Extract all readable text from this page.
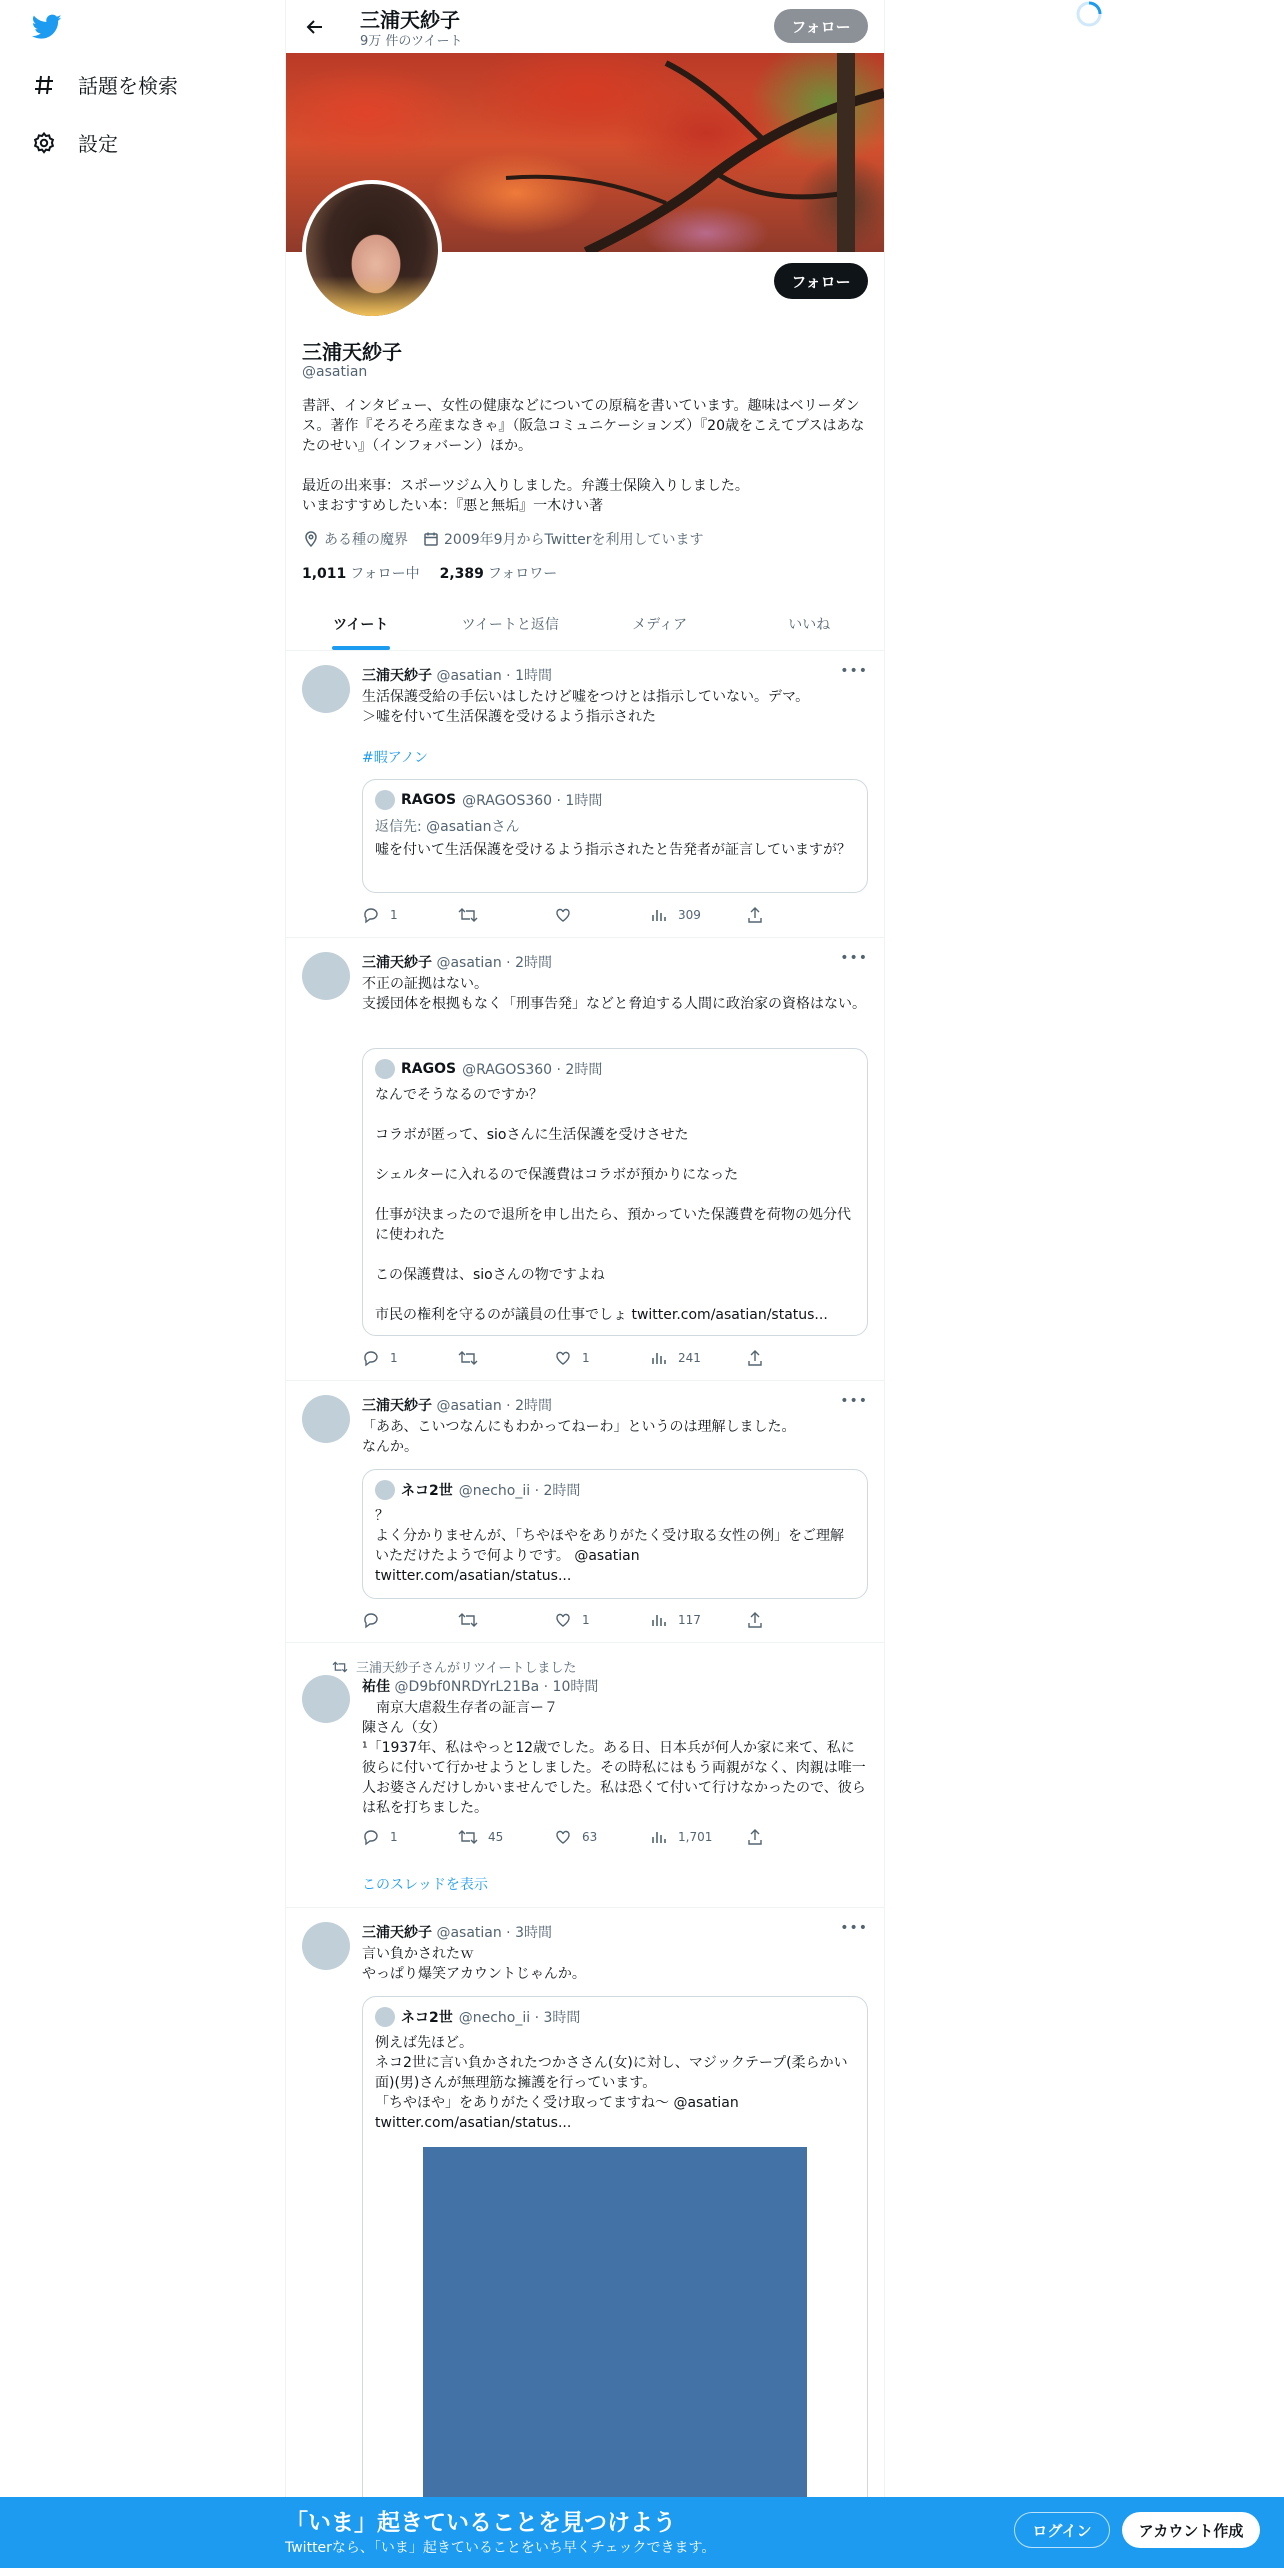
話題を検索
設定
三浦天紗子
9万 件のツイート
フォロー
フォロー
三浦天紗子
@asatian

書評、インタビュー、女性の健康などについての原稿を書いています。趣味はベリーダンス。著作『そろそろ産まなきゃ』（阪急コミュニケーションズ）『20歳をこえてブスはあなたのせい』（インフォバーン）ほか。

最近の出来事：スポーツジム入りしました。弁護士保険入りしました。
いまおすすめしたい本：『悪と無垢』一木けい著

ある種の魔界	2009年9月からTwitterを利用しています
1,011 フォロー中 2,389 フォロワー
ツイート	ツイートと返信	メディア	いいね
三浦天紗子 @asatian · 1時間	•••
生活保護受給の手伝いはしたけど嘘をつけとは指示していない。デマ。
＞嘘を付いて生活保護を受けるよう指示された
#暇アノン
RAGOS @RAGOS360 · 1時間
返信先: @asatianさん
嘘を付いて生活保護を受けるよう指示されたと告発者が証言していますが？
1	309
三浦天紗子 @asatian · 2時間	•••
不正の証拠はない。
支援団体を根拠もなく「刑事告発」などと脅迫する人間に政治家の資格はない。
RAGOS @RAGOS360 · 2時間
なんでそうなるのですか？

コラボが匿って、sioさんに生活保護を受けさせた

シェルターに入れるので保護費はコラボが預かりになった

仕事が決まったので退所を申し出たら、預かっていた保護費を荷物の処分代に使われた

この保護費は、sioさんの物ですよね

市民の権利を守るのが議員の仕事でしょ twitter.com/asatian/status...
1	1	241
三浦天紗子 @asatian · 2時間	•••
「ああ、こいつなんにもわかってねーわ」というのは理解しました。
なんか。
ネコ2世 @necho_ii · 2時間
？
よく分かりませんが、「ちやほやをありがたく受け取る女性の例」をご理解いただけたようで何よりです。 @asatian
twitter.com/asatian/status...
1	117
三浦天紗子さんがリツイートしました
祐佳 @D9bf0NRDYrL21Ba · 10時間
　南京大虐殺生存者の証言ー７
陳さん（女）
¹「1937年、私はやっと12歳でした。ある日、日本兵が何人か家に来て、私に彼らに付いて行かせようとしました。その時私にはもう両親がなく、肉親は唯一人お婆さんだけしかいませんでした。私は恐くて付いて行けなかったので、彼らは私を打ちました。
1	45	63	1,701
このスレッドを表示
三浦天紗子 @asatian · 3時間	•••
言い負かされたｗ
やっぱり爆笑アカウントじゃんか。
ネコ2世 @necho_ii · 3時間
例えば先ほど。
ネコ2世に言い負かされたつかささん(女)に対し、マジックテープ(柔らかい面)(男)さんが無理筋な擁護を行っています。
「ちやほや」をありがたく受け取ってますね〜 @asatian
twitter.com/asatian/status...
「いま」起きていることを見つけよう
Twitterなら、「いま」起きていることをいち早くチェックできます。
ログイン	アカウント作成
